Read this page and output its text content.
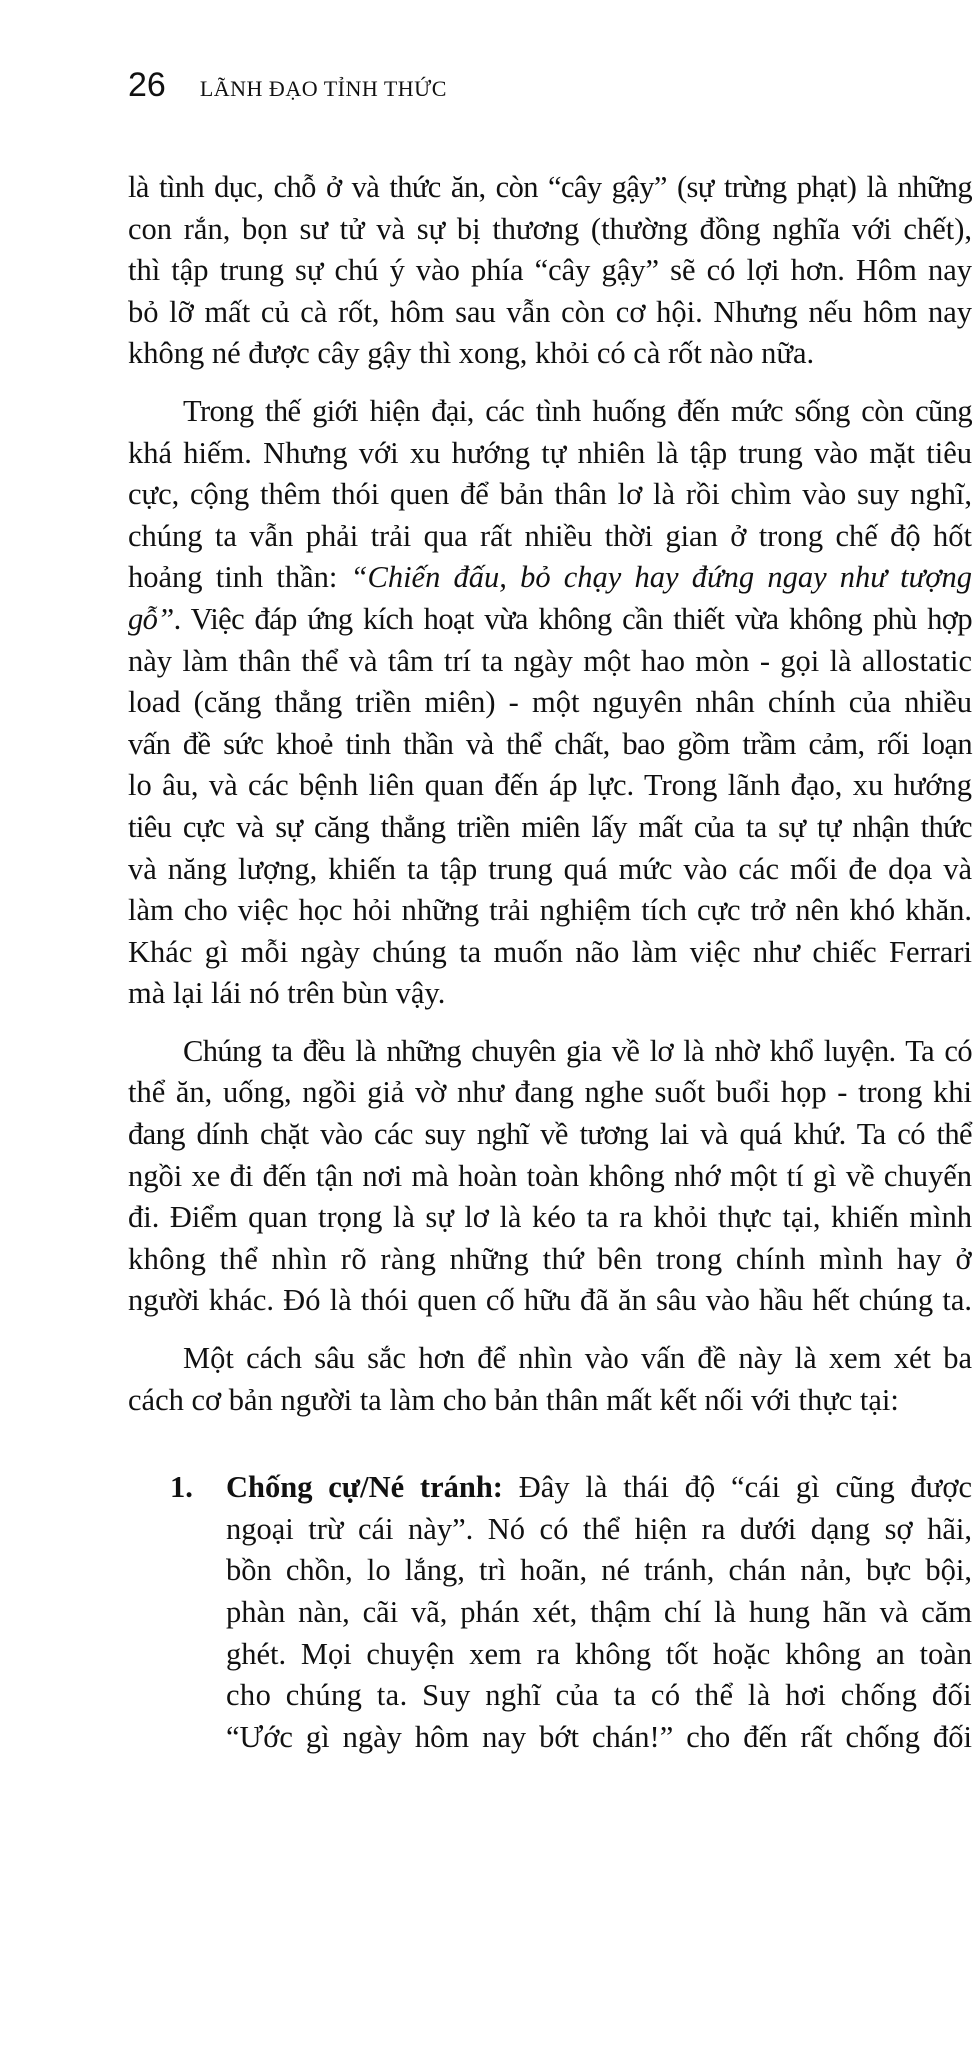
26 LÃNH ĐẠO TỈNH THỨC
là tình dục, chỗ ở và thức ăn, còn “cây gậy” (sự trừng phạt) là những
con rắn, bọn sư tử và sự bị thương (thường đồng nghĩa với chết),
thì tập trung sự chú ý vào phía “cây gậy” sẽ có lợi hơn. Hôm nay
bỏ lỡ mất củ cà rốt, hôm sau vẫn còn cơ hội. Nhưng nếu hôm nay
không né được cây gậy thì xong, khỏi có cà rốt nào nữa.
Trong thế giới hiện đại, các tình huống đến mức sống còn cũng
khá hiếm. Nhưng với xu hướng tự nhiên là tập trung vào mặt tiêu
cực, cộng thêm thói quen để bản thân lơ là rồi chìm vào suy nghĩ,
chúng ta vẫn phải trải qua rất nhiều thời gian ở trong chế độ hốt
hoảng tinh thần: “Chiến đấu, bỏ chạy hay đứng ngay như tượng
gỗ”. Việc đáp ứng kích hoạt vừa không cần thiết vừa không phù hợp
này làm thân thể và tâm trí ta ngày một hao mòn - gọi là allostatic
load (căng thẳng triền miên) - một nguyên nhân chính của nhiều
vấn đề sức khoẻ tinh thần và thể chất, bao gồm trầm cảm, rối loạn
lo âu, và các bệnh liên quan đến áp lực. Trong lãnh đạo, xu hướng
tiêu cực và sự căng thẳng triền miên lấy mất của ta sự tự nhận thức
và năng lượng, khiến ta tập trung quá mức vào các mối đe dọa và
làm cho việc học hỏi những trải nghiệm tích cực trở nên khó khăn.
Khác gì mỗi ngày chúng ta muốn não làm việc như chiếc Ferrari
mà lại lái nó trên bùn vậy.
Chúng ta đều là những chuyên gia về lơ là nhờ khổ luyện. Ta có
thể ăn, uống, ngồi giả vờ như đang nghe suốt buổi họp - trong khi
đang dính chặt vào các suy nghĩ về tương lai và quá khứ. Ta có thể
ngồi xe đi đến tận nơi mà hoàn toàn không nhớ một tí gì về chuyến
đi. Điểm quan trọng là sự lơ là kéo ta ra khỏi thực tại, khiến mình
không thể nhìn rõ ràng những thứ bên trong chính mình hay ở
người khác. Đó là thói quen cố hữu đã ăn sâu vào hầu hết chúng ta.
Một cách sâu sắc hơn để nhìn vào vấn đề này là xem xét ba
cách cơ bản người ta làm cho bản thân mất kết nối với thực tại:
1. Chống cự/Né tránh: Đây là thái độ “cái gì cũng được
ngoại trừ cái này”. Nó có thể hiện ra dưới dạng sợ hãi,
bồn chồn, lo lắng, trì hoãn, né tránh, chán nản, bực bội,
phàn nàn, cãi vã, phán xét, thậm chí là hung hãn và căm
ghét. Mọi chuyện xem ra không tốt hoặc không an toàn
cho chúng ta. Suy nghĩ của ta có thể là hơi chống đối
“Ước gì ngày hôm nay bớt chán!” cho đến rất chống đối
